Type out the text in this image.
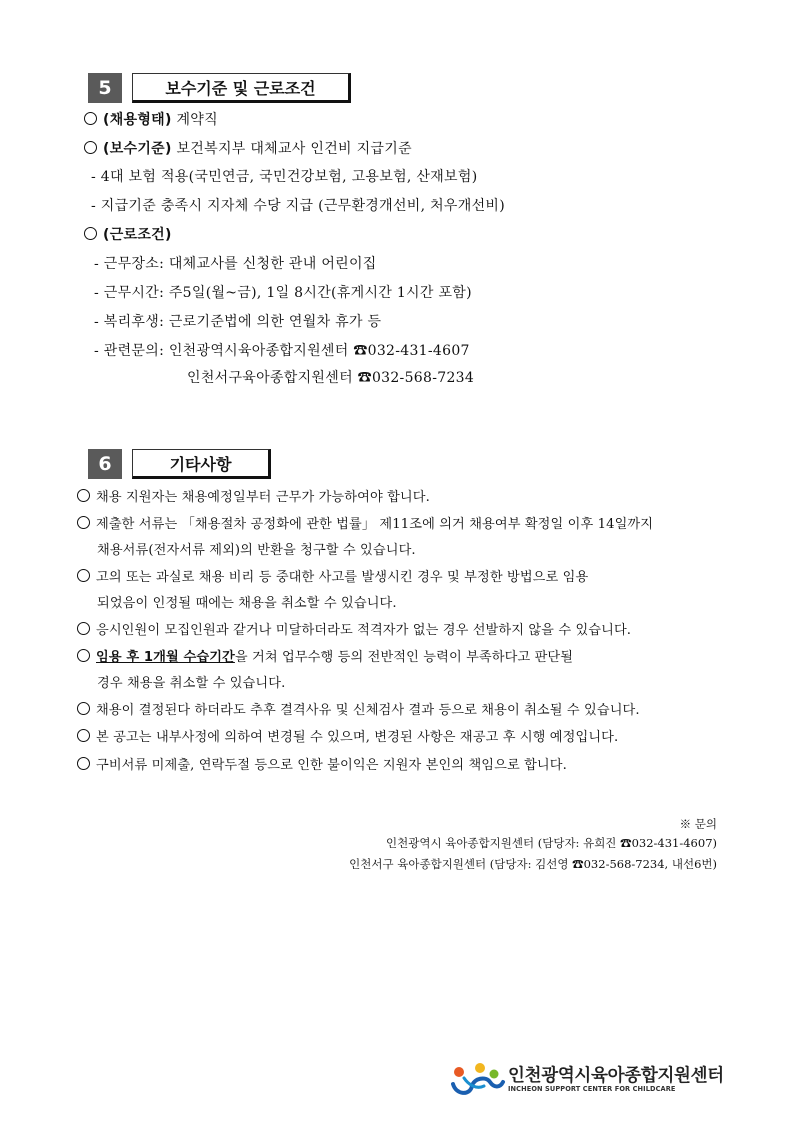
5	보수기준 및 근로조건
(채용형태) 계약직
(보수기준) 보건복지부 대체교사 인건비 지급기준
- 4대 보험 적용(국민연금, 국민건강보험, 고용보험, 산재보험)
- 지급기준 충족시 지자체 수당 지급 (근무환경개선비, 처우개선비)
(근로조건)
- 근무장소: 대체교사를 신청한 관내 어린이집
- 근무시간: 주5일(월~금), 1일 8시간(휴게시간 1시간 포함)
- 복리후생: 근로기준법에 의한 연월차 휴가 등
- 관련문의: 인천광역시육아종합지원센터 ☎032-431-4607
인천서구육아종합지원센터 ☎032-568-7234
6	기타사항
채용 지원자는 채용예정일부터 근무가 가능하여야 합니다.
제출한 서류는 「채용절차 공정화에 관한 법률」 제11조에 의거 채용여부 확정일 이후 14일까지
채용서류(전자서류 제외)의 반환을 청구할 수 있습니다.
고의 또는 과실로 채용 비리 등 중대한 사고를 발생시킨 경우 및 부정한 방법으로 임용
되었음이 인정될 때에는 채용을 취소할 수 있습니다.
응시인원이 모집인원과 같거나 미달하더라도 적격자가 없는 경우 선발하지 않을 수 있습니다.
임용 후 1개월 수습기간을 거쳐 업무수행 등의 전반적인 능력이 부족하다고 판단될
경우 채용을 취소할 수 있습니다.
채용이 결정된다 하더라도 추후 결격사유 및 신체검사 결과 등으로 채용이 취소될 수 있습니다.
본 공고는 내부사정에 의하여 변경될 수 있으며, 변경된 사항은 재공고 후 시행 예정입니다.
구비서류 미제출, 연락두절 등으로 인한 불이익은 지원자 본인의 책임으로 합니다.
※ 문의
인천광역시 육아종합지원센터 (담당자: 유희진 ☎032-431-4607)
인천서구 육아종합지원센터 (담당자: 김선영 ☎032-568-7234, 내선6번)
인천광역시육아종합지원센터
INCHEON SUPPORT CENTER FOR CHILDCARE
